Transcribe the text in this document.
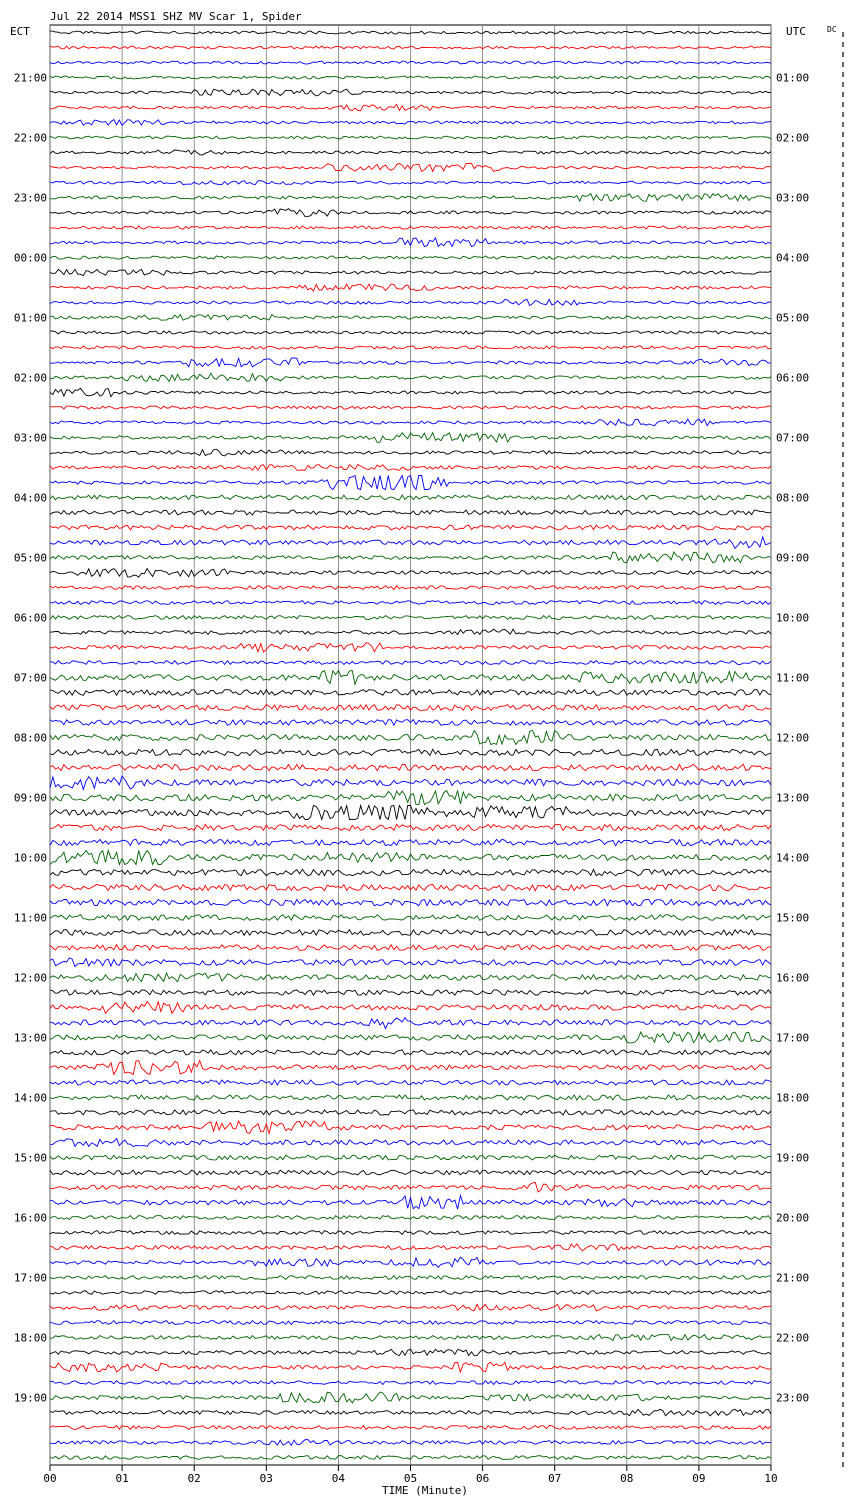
Jul 22 2014 MSS1 SHZ MV Scar 1, Spider
ECT	UTC	DC
21:00
22:00
23:00
00:00
01:00
02:00
03:00
04:00
05:00
06:00
07:00
08:00
09:00
10:00
11:00
12:00
13:00
14:00
15:00
16:00
17:00
18:00
19:00
01:00
02:00
03:00
04:00
05:00
06:00
07:00
08:00
09:00
10:00
11:00
12:00
13:00
14:00
15:00
16:00
17:00
18:00
19:00
20:00
21:00
22:00
23:00
00	01	02	03	04	05	06	07	08	09	10
TIME (Minute)
